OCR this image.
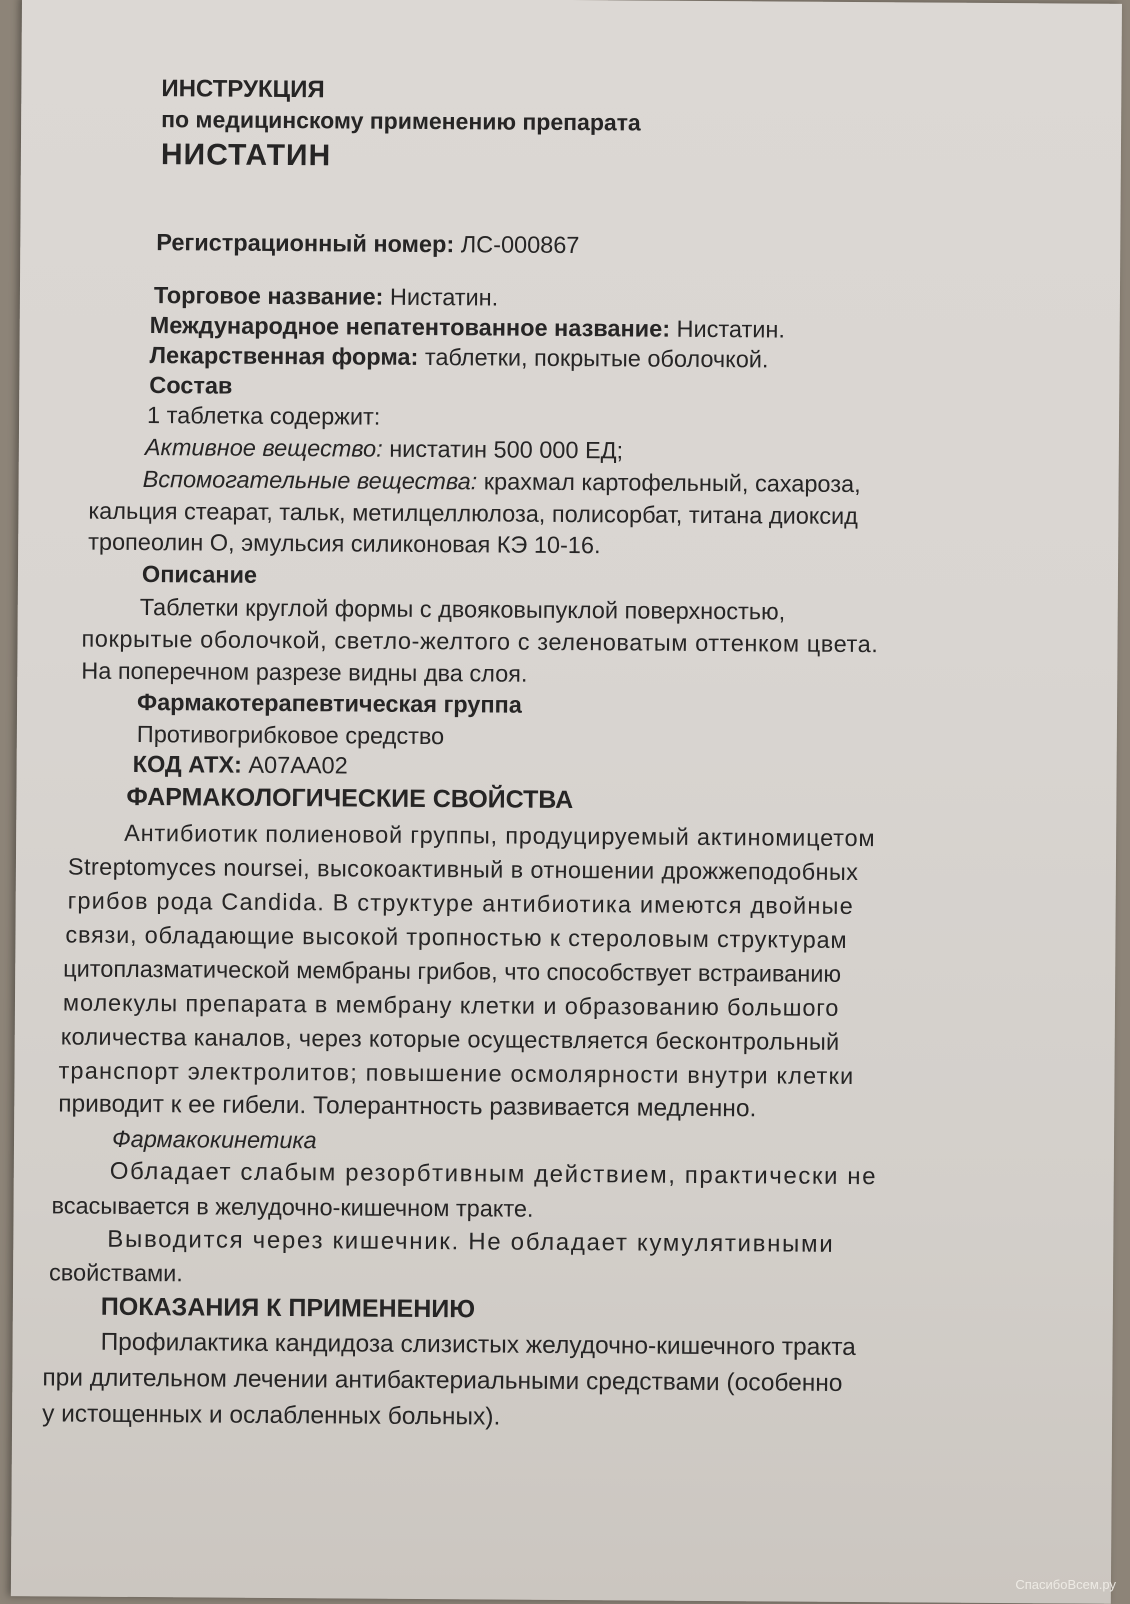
ИНСТРУКЦИЯ
по медицинскому применению препарата
НИСТАТИН
Регистрационный номер: ЛС-000867
Торговое название: Нистатин.
Международное непатентованное название: Нистатин.
Лекарственная форма: таблетки, покрытые оболочкой.
Состав
1 таблетка содержит:
Активное вещество: нистатин 500 000 ЕД;
Вспомогательные вещества: крахмал картофельный, сахароза,
кальция стеарат, тальк, метилцеллюлоза, полисорбат, титана диоксид
тропеолин О, эмульсия силиконовая КЭ 10-16.
Описание
Таблетки круглой формы с двояковыпуклой поверхностью,
покрытые оболочкой, светло-желтого с зеленоватым оттенком цвета.
На поперечном разрезе видны два слоя.
Фармакотерапевтическая группа
Противогрибковое средство
КОД АТХ: А07АА02
ФАРМАКОЛОГИЧЕСКИЕ СВОЙСТВА
Антибиотик полиеновой группы, продуцируемый актиномицетом
Streptomyces noursei, высокоактивный в отношении дрожжеподобных
грибов рода Candida. В структуре антибиотика имеются двойные
связи, обладающие высокой тропностью к стероловым структурам
цитоплазматической мембраны грибов, что способствует встраиванию
молекулы препарата в мембрану клетки и образованию большого
количества каналов, через которые осуществляется бесконтрольный
транспорт электролитов; повышение осмолярности внутри клетки
приводит к ее гибели. Толерантность развивается медленно.
Фармакокинетика
Обладает слабым резорбтивным действием, практически не
всасывается в желудочно-кишечном тракте.
Выводится через кишечник. Не обладает кумулятивными
свойствами.
ПОКАЗАНИЯ К ПРИМЕНЕНИЮ
Профилактика кандидоза слизистых желудочно-кишечного тракта
при длительном лечении антибактериальными средствами (особенно
у истощенных и ослабленных больных).
СпасибоВсем.ру
